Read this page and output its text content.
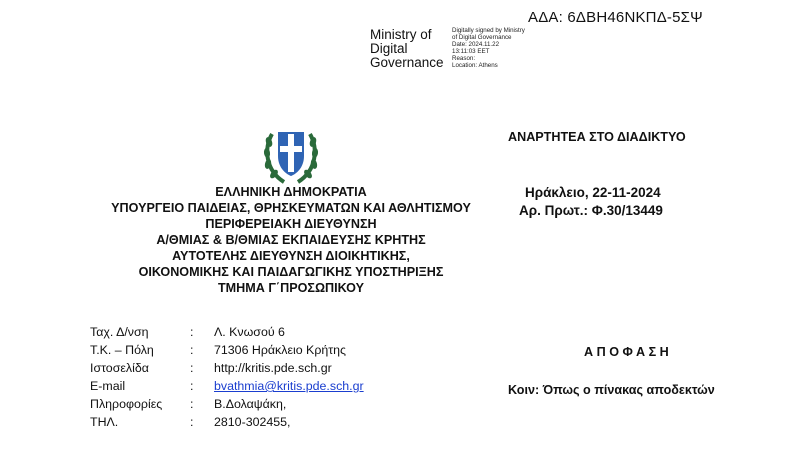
ΑΔΑ: 6ΔΒΗ46ΝΚΠΔ-5ΣΨ
Ministry of
Digital
Governance
Digitally signed by Ministry
of Digital Governance
Date: 2024.11.22
13:11:03 EET
Reason:
Location: Athens
ΕΛΛΗΝΙΚΗ ΔΗΜΟΚΡΑΤΙΑ
ΥΠΟΥΡΓΕΙΟ ΠΑΙΔΕΙΑΣ, ΘΡΗΣΚΕΥΜΑΤΩΝ ΚΑΙ ΑΘΛΗΤΙΣΜΟΥ
ΠΕΡΙΦΕΡΕΙΑΚΗ ΔΙΕΥΘΥΝΣΗ
Α/ΘΜΙΑΣ & Β/ΘΜΙΑΣ ΕΚΠΑΙΔΕΥΣΗΣ ΚΡΗΤΗΣ
ΑΥΤΟΤΕΛΗΣ ΔΙΕΥΘΥΝΣΗ ΔΙΟΙΚΗΤΙΚΗΣ,
ΟΙΚΟΝΟΜΙΚΗΣ ΚΑΙ ΠΑΙΔΑΓΩΓΙΚΗΣ ΥΠΟΣΤΗΡΙΞΗΣ
ΤΜΗΜΑ Γ΄ΠΡΟΣΩΠΙΚΟΥ
ΑΝΑΡΤΗΤΕΑ ΣΤΟ ΔΙΑΔΙΚΤΥΟ
Ηράκλειο, 22-11-2024
Αρ. Πρωτ.: Φ.30/13449
Ταχ. Δ/νση	: Λ. Κνωσού 6
Τ.Κ. – Πόλη	: 71306 Ηράκλειο Κρήτης
Ιστοσελίδα	: http://kritis.pde.sch.gr
E-mail	: bvathmia@kritis.pde.sch.gr
Πληροφορίες : Β.Δολαψάκη,
ΤΗΛ.	: 2810-302455,
ΑΠΟΦΑΣΗ
Κοιν: Όπως ο πίνακας αποδεκτών
